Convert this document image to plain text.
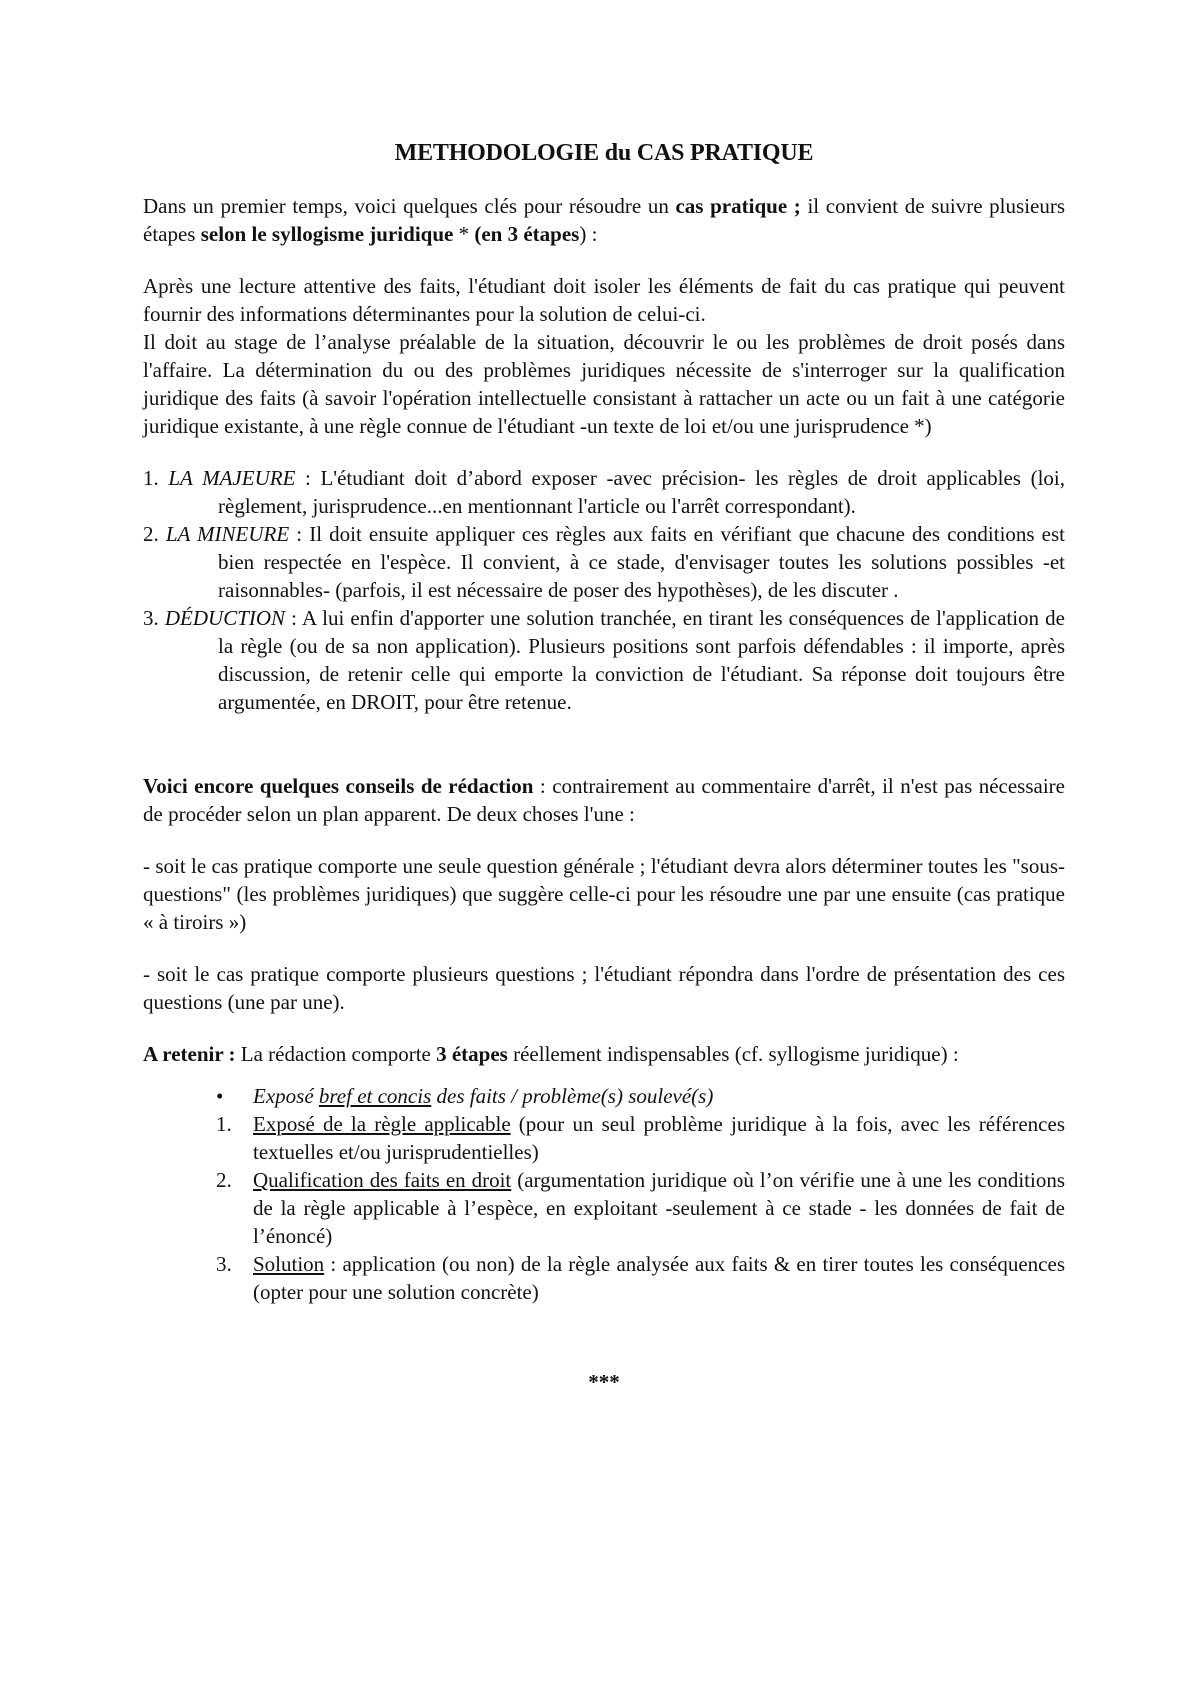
METHODOLOGIE du CAS PRATIQUE

Dans un premier temps, voici quelques clés pour résoudre un cas pratique ; il convient de suivre plusieurs étapes selon le syllogisme juridique * (en 3 étapes) :

Après une lecture attentive des faits, l'étudiant doit isoler les éléments de fait du cas pratique qui peuvent fournir des informations déterminantes pour la solution de celui-ci.

Il doit au stage de l’analyse préalable de la situation, découvrir le ou les problèmes de droit posés dans l'affaire. La détermination du ou des problèmes juridiques nécessite de s'interroger sur la qualification juridique des faits (à savoir l'opération intellectuelle consistant à rattacher un acte ou un fait à une catégorie juridique existante, à une règle connue de l'étudiant -un texte de loi et/ou une jurisprudence *)

1. LA MAJEURE : L'étudiant doit d’abord exposer -avec précision- les règles de droit applicables (loi, règlement, jurisprudence...en mentionnant l'article ou l'arrêt correspondant).
2. LA MINEURE : Il doit ensuite appliquer ces règles aux faits en vérifiant que chacune des conditions est bien respectée en l'espèce. Il convient, à ce stade, d'envisager toutes les solutions possibles -et raisonnables- (parfois, il est nécessaire de poser des hypothèses), de les discuter .
3. DÉDUCTION : A lui enfin d'apporter une solution tranchée, en tirant les conséquences de l'application de la règle (ou de sa non application). Plusieurs positions sont parfois défendables : il importe, après discussion, de retenir celle qui emporte la conviction de l'étudiant. Sa réponse doit toujours être argumentée, en DROIT, pour être retenue.

Voici encore quelques conseils de rédaction : contrairement au commentaire d'arrêt, il n'est pas nécessaire de procéder selon un plan apparent. De deux choses l'une :

- soit le cas pratique comporte une seule question générale ; l'étudiant devra alors déterminer toutes les "sous-questions" (les problèmes juridiques) que suggère celle-ci pour les résoudre une par une ensuite (cas pratique « à tiroirs »)

- soit le cas pratique comporte plusieurs questions ; l'étudiant répondra dans l'ordre de présentation des ces questions (une par une).

A retenir : La rédaction comporte 3 étapes réellement indispensables (cf. syllogisme juridique) :

• Exposé bref et concis des faits / problème(s) soulevé(s)
1. Exposé de la règle applicable (pour un seul problème juridique à la fois, avec les références textuelles et/ou jurisprudentielles)
2. Qualification des faits en droit (argumentation juridique où l’on vérifie une à une les conditions de la règle applicable à l’espèce, en exploitant -seulement à ce stade - les données de fait de l’énoncé)
3. Solution : application (ou non) de la règle analysée aux faits & en tirer toutes les conséquences (opter pour une solution concrète)
***
